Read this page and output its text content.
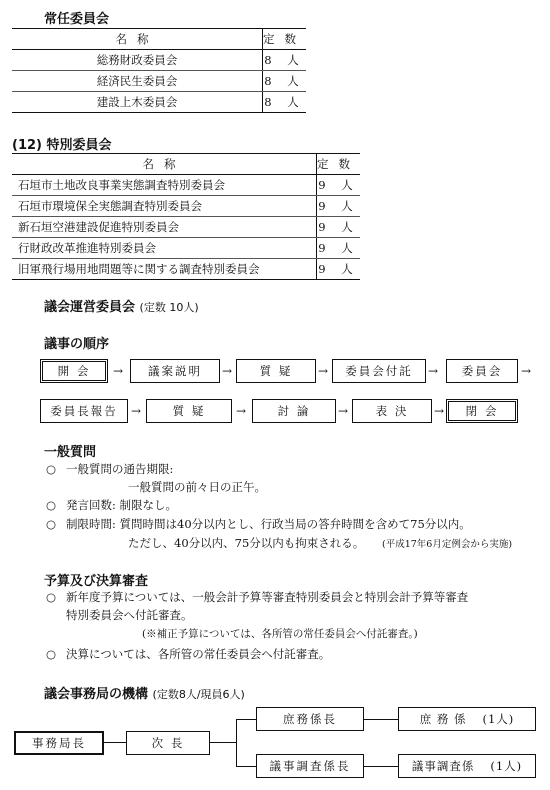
常任委員会
名称	定数
総務財政委員会	8 人
経済民生委員会	8 人
建設上木委員会	8 人
(12) 特別委員会
名称	定数
石垣市土地改良事業実態調査特別委員会	9 人
石垣市環境保全実態調査特別委員会	9 人
新石垣空港建設促進特別委員会	9 人
行財政改革推進特別委員会	9 人
旧軍飛行場用地問題等に関する調査特別委員会	9 人
議会運営委員会 (定数 10人)
議事の順序
開 会	→	議案説明	→	質 疑	→	委員会付託	→	委員会	→
委員長報告	→	質 疑	→	討 論	→	表 決	→	閉 会
一般質問
○ 一般質問の通告期限:
一般質問の前々日の正午。
○ 発言回数: 制限なし。
○ 制限時間: 質問時間は40分以内とし、行政当局の答弁時間を含めて75分以内。
ただし、40分以内、75分以内も拘束される。 (平成17年6月定例会から実施)
予算及び決算審査
○ 新年度予算については、一般会計予算等審査特別委員会と特別会計予算等審査
特別委員会へ付託審査。
(※補正予算については、各所管の常任委員会へ付託審査。)
○ 決算については、各所管の常任委員会へ付託審査。
議会事務局の機構 (定数8人/現員6人)
事務局長	次 長
庶務係長
議事調査係長
庶 務 係 (1人)
議事調査係 (1人)
